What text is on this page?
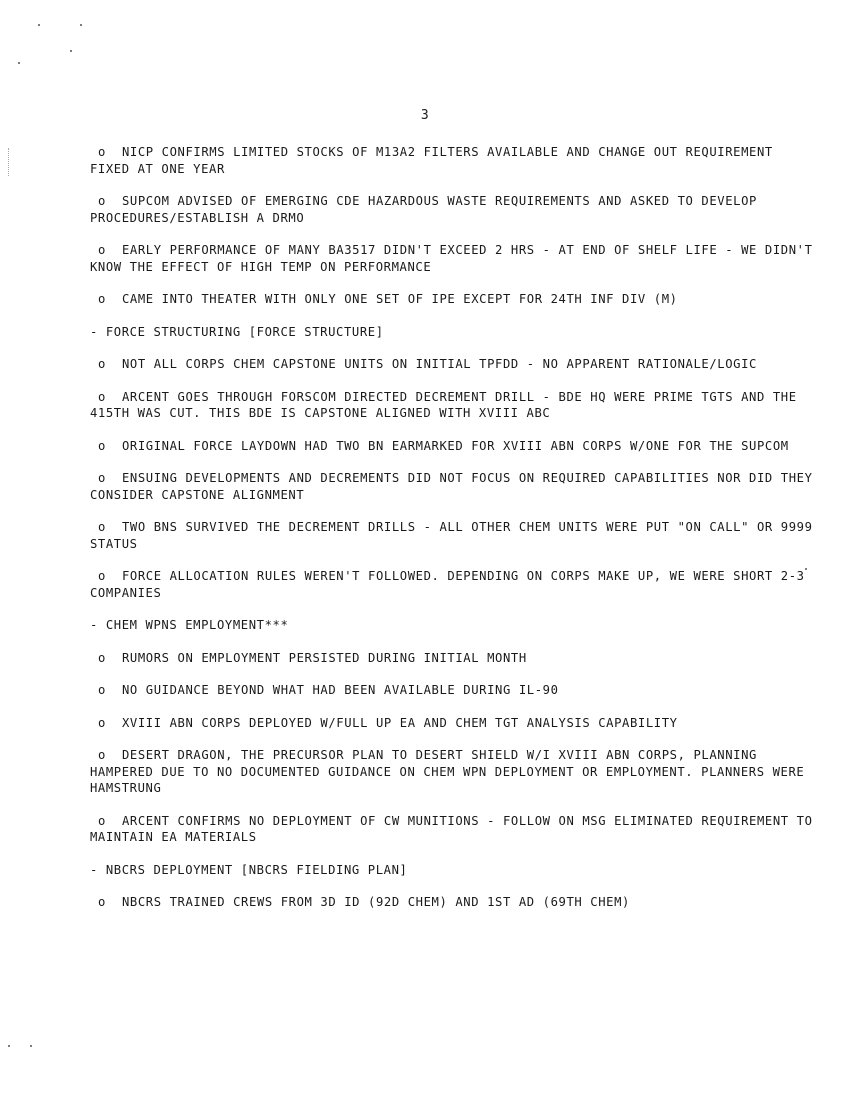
3
o NICP CONFIRMS LIMITED STOCKS OF M13A2 FILTERS AVAILABLE AND CHANGE OUT REQUIREMENT FIXED AT ONE YEAR
o SUPCOM ADVISED OF EMERGING CDE HAZARDOUS WASTE REQUIREMENTS AND ASKED TO DEVELOP PROCEDURES/ESTABLISH A DRMO
o EARLY PERFORMANCE OF MANY BA3517 DIDN'T EXCEED 2 HRS - AT END OF SHELF LIFE - WE DIDN'T KNOW THE EFFECT OF HIGH TEMP ON PERFORMANCE
o CAME INTO THEATER WITH ONLY ONE SET OF IPE EXCEPT FOR 24TH INF DIV (M)
- FORCE STRUCTURING [FORCE STRUCTURE]
o NOT ALL CORPS CHEM CAPSTONE UNITS ON INITIAL TPFDD - NO APPARENT RATIONALE/LOGIC
o ARCENT GOES THROUGH FORSCOM DIRECTED DECREMENT DRILL - BDE HQ WERE PRIME TGTS AND THE 415TH WAS CUT. THIS BDE IS CAPSTONE ALIGNED WITH XVIII ABC
o ORIGINAL FORCE LAYDOWN HAD TWO BN EARMARKED FOR XVIII ABN CORPS W/ONE FOR THE SUPCOM
o ENSUING DEVELOPMENTS AND DECREMENTS DID NOT FOCUS ON REQUIRED CAPABILITIES NOR DID THEY CONSIDER CAPSTONE ALIGNMENT
o TWO BNS SURVIVED THE DECREMENT DRILLS - ALL OTHER CHEM UNITS WERE PUT "ON CALL" OR 9999 STATUS
o FORCE ALLOCATION RULES WEREN'T FOLLOWED. DEPENDING ON CORPS MAKE UP, WE WERE SHORT 2-3 COMPANIES
- CHEM WPNS EMPLOYMENT***
o RUMORS ON EMPLOYMENT PERSISTED DURING INITIAL MONTH
o NO GUIDANCE BEYOND WHAT HAD BEEN AVAILABLE DURING IL-90
o XVIII ABN CORPS DEPLOYED W/FULL UP EA AND CHEM TGT ANALYSIS CAPABILITY
o DESERT DRAGON, THE PRECURSOR PLAN TO DESERT SHIELD W/I XVIII ABN CORPS, PLANNING HAMPERED DUE TO NO DOCUMENTED GUIDANCE ON CHEM WPN DEPLOYMENT OR EMPLOYMENT. PLANNERS WERE HAMSTRUNG
o ARCENT CONFIRMS NO DEPLOYMENT OF CW MUNITIONS - FOLLOW ON MSG ELIMINATED REQUIREMENT TO MAINTAIN EA MATERIALS
- NBCRS DEPLOYMENT [NBCRS FIELDING PLAN]
o NBCRS TRAINED CREWS FROM 3D ID (92D CHEM) AND 1ST AD (69TH CHEM)
